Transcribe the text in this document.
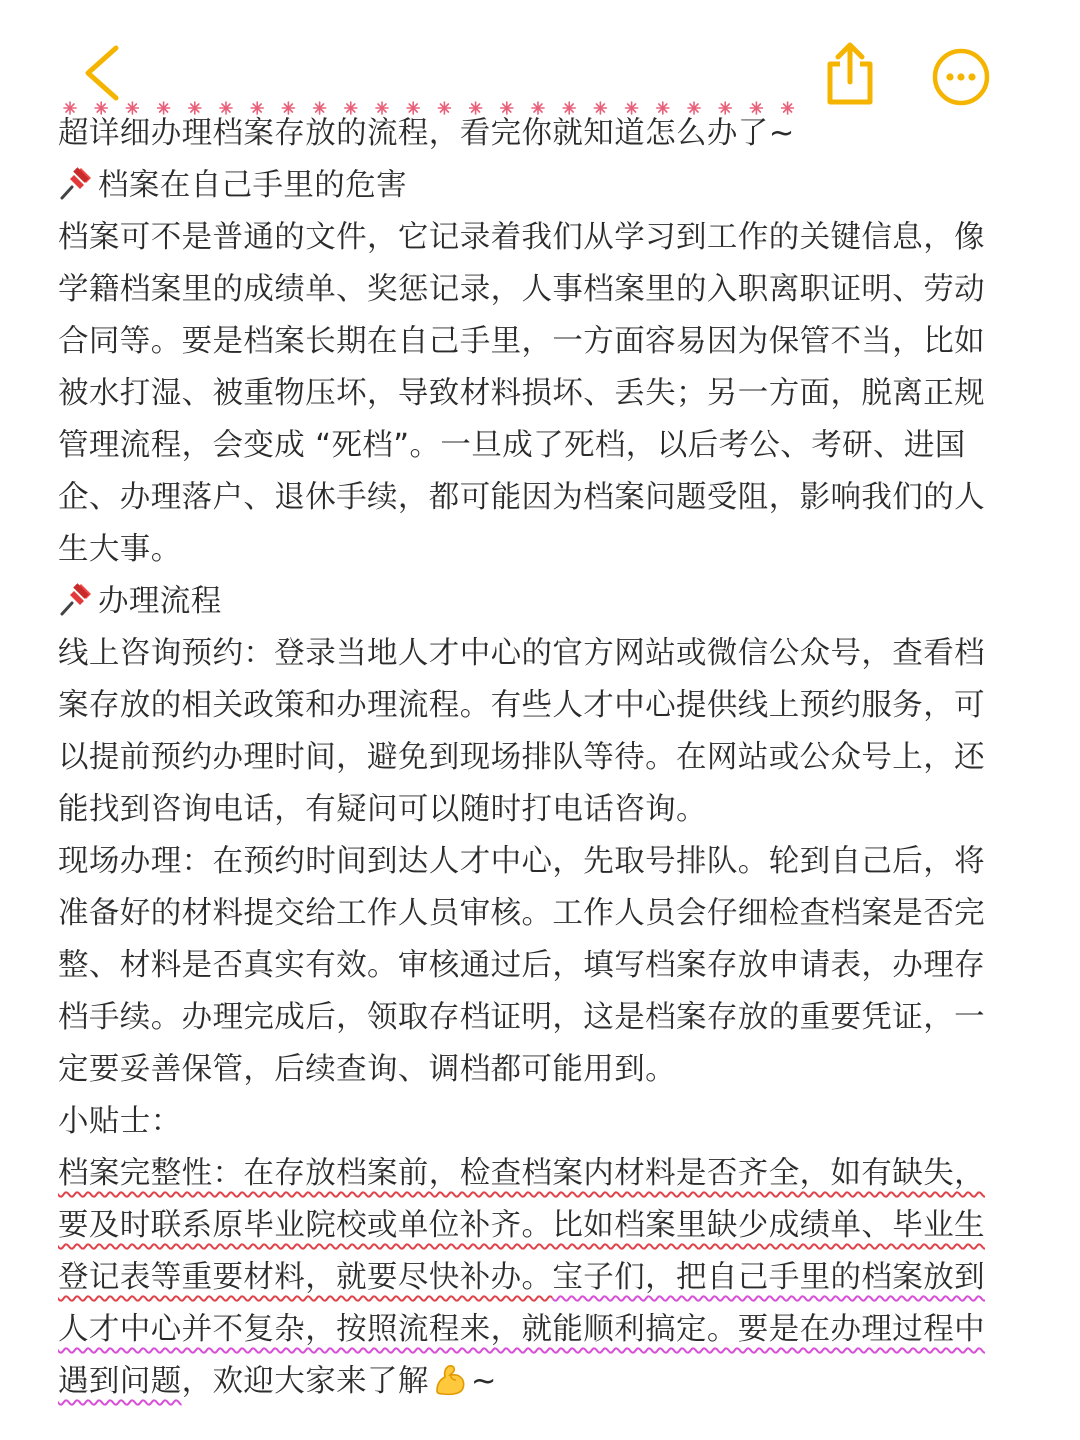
超详细办理档案存放的流程，看完你就知道怎么办了~
档案在自己手里的危害
档案可不是普通的文件，它记录着我们从学习到工作的关键信息，像
学籍档案里的成绩单、奖惩记录，人事档案里的入职离职证明、劳动
合同等。要是档案长期在自己手里，一方面容易因为保管不当，比如
被水打湿、被重物压坏，导致材料损坏、丢失；另一方面，脱离正规
管理流程，会变成 “死档”。一旦成了死档，以后考公、考研、进国
企、办理落户、退休手续，都可能因为档案问题受阻，影响我们的人
生大事。
办理流程
线上咨询预约：登录当地人才中心的官方网站或微信公众号，查看档
案存放的相关政策和办理流程。有些人才中心提供线上预约服务，可
以提前预约办理时间，避免到现场排队等待。在网站或公众号上，还
能找到咨询电话，有疑问可以随时打电话咨询。
现场办理：在预约时间到达人才中心，先取号排队。轮到自己后，将
准备好的材料提交给工作人员审核。工作人员会仔细检查档案是否完
整、材料是否真实有效。审核通过后，填写档案存放申请表，办理存
档手续。办理完成后，领取存档证明，这是档案存放的重要凭证，一
定要妥善保管，后续查询、调档都可能用到。
小贴士：
档案完整性：在存放档案前，检查档案内材料是否齐全，如有缺失，
要及时联系原毕业院校或单位补齐。比如档案里缺少成绩单、毕业生
登记表等重要材料，就要尽快补办。宝子们，把自己手里的档案放到
人才中心并不复杂，按照流程来，就能顺利搞定。要是在办理过程中
遇到问题，欢迎大家来了解 ~
